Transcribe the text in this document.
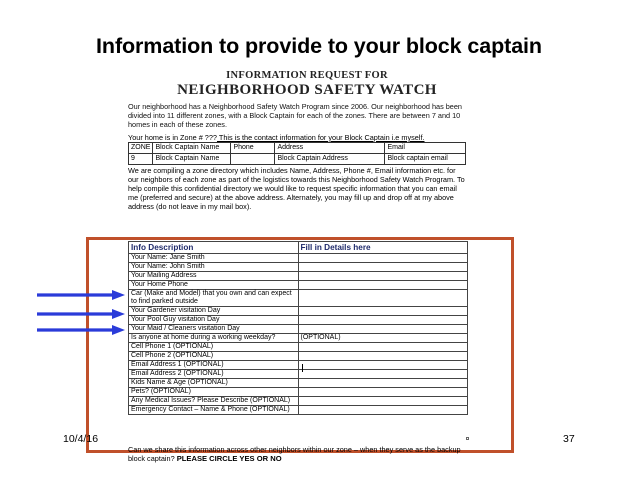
Information to provide to your block captain
INFORMATION REQUEST FOR
NEIGHBORHOOD SAFETY WATCH
Our neighborhood has a Neighborhood Safety Watch Program since 2006. Our neighborhood has been divided into 11 different zones, with a Block Captain for each of the zones. There are between 7 and 10 homes in each of these zones.
Your home is in Zone # ??? This is the contact information for your Block Captain i.e myself.
ZONE	Block Captain Name	Phone	Address	Email
9	Block Captain Name		Block Captain Address	Block captain email
We are compiling a zone directory which includes Name, Address, Phone #, Email information etc. for our neighbors of each zone as part of the logistics towards this Neighborhood Safety Watch Program. To help compile this confidential directory we would like to request specific information that you can email me (preferred and secure) at the above address. Alternately, you may fill up and drop off at my above address (do not leave in my mail box).
Info Description	Fill in Details here
Your Name: Jane Smith	
Your Name: John Smith	
Your Mailing Address	
Your Home Phone	
Car (Make and Model) that you own and can expect to find parked outside	
Your Gardener visitation Day	
Your Pool Guy visitation Day	
Your Maid / Cleaners visitation Day	
Is anyone at home during a working weekday?	(OPTIONAL)
Cell Phone 1 (OPTIONAL)	
Cell Phone 2 (OPTIONAL)	
Email Address 1 (OPTIONAL)	
Email Address 2 (OPTIONAL)	
Kids Name & Age (OPTIONAL)	
Pets? (OPTIONAL)	
Any Medical Issues? Please Describe (OPTIONAL)	
Emergency Contact – Name & Phone (OPTIONAL)	
10/4/16	37
Can we share this information across other neighbors within our zone – when they serve as the backup block captain? PLEASE CIRCLE YES OR NO
